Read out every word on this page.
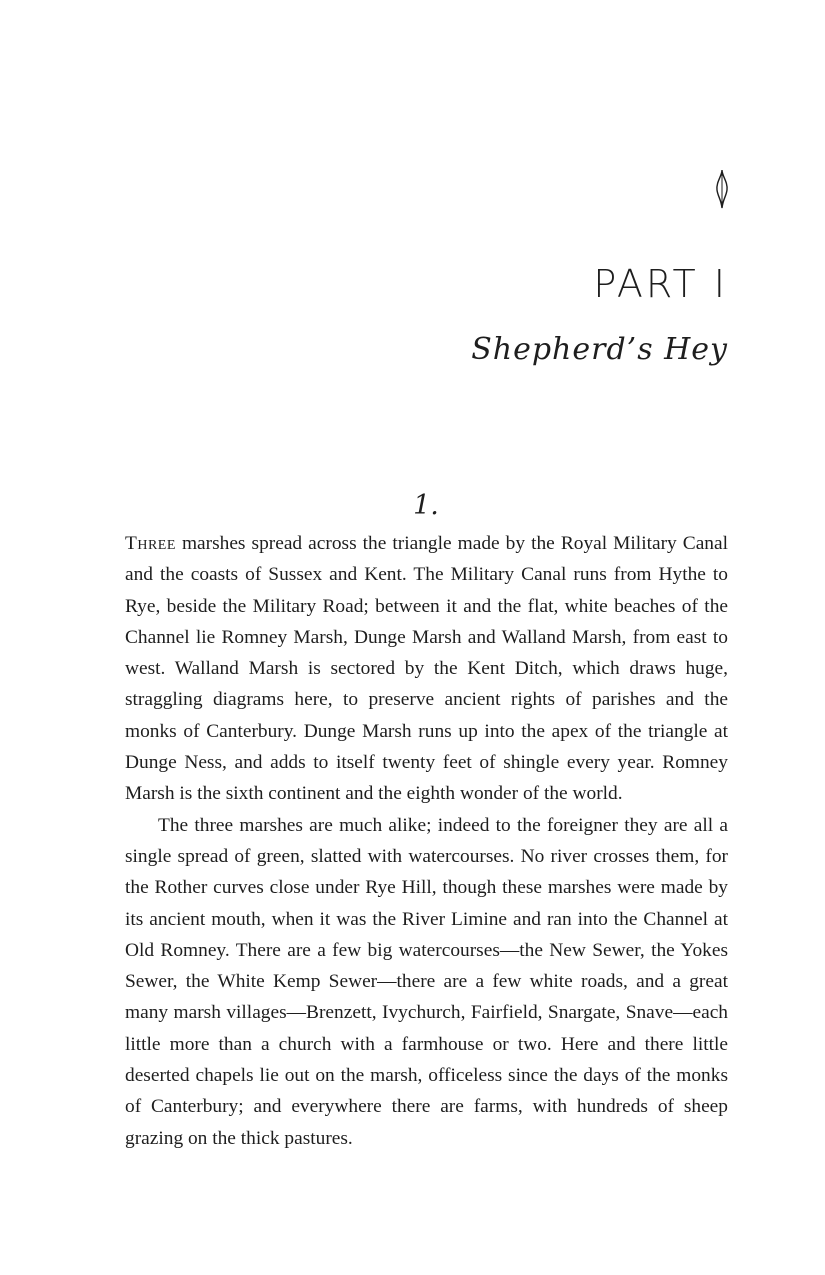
PART I
Shepherd’s Hey
1.

Three marshes spread across the triangle made by the Royal Military Canal and the coasts of Sussex and Kent. The Military Canal runs from Hythe to Rye, beside the Military Road; between it and the flat, white beaches of the Channel lie Romney Marsh, Dunge Marsh and Walland Marsh, from east to west. Walland Marsh is sectored by the Kent Ditch, which draws huge, straggling diagrams here, to preserve ancient rights of parishes and the monks of Canterbury. Dunge Marsh runs up into the apex of the triangle at Dunge Ness, and adds to itself twenty feet of shingle every year. Romney Marsh is the sixth continent and the eighth wonder of the world.

The three marshes are much alike; indeed to the foreigner they are all a single spread of green, slatted with watercourses. No river crosses them, for the Rother curves close under Rye Hill, though these marshes were made by its ancient mouth, when it was the River Limine and ran into the Channel at Old Romney. There are a few big watercourses—the New Sewer, the Yokes Sewer, the White Kemp Sewer—there are a few white roads, and a great many marsh villages—Brenzett, Ivychurch, Fairfield, Snargate, Snave—each little more than a church with a farmhouse or two. Here and there little deserted chapels lie out on the marsh, officeless since the days of the monks of Canterbury; and everywhere there are farms, with hundreds of sheep grazing on the thick pastures.
